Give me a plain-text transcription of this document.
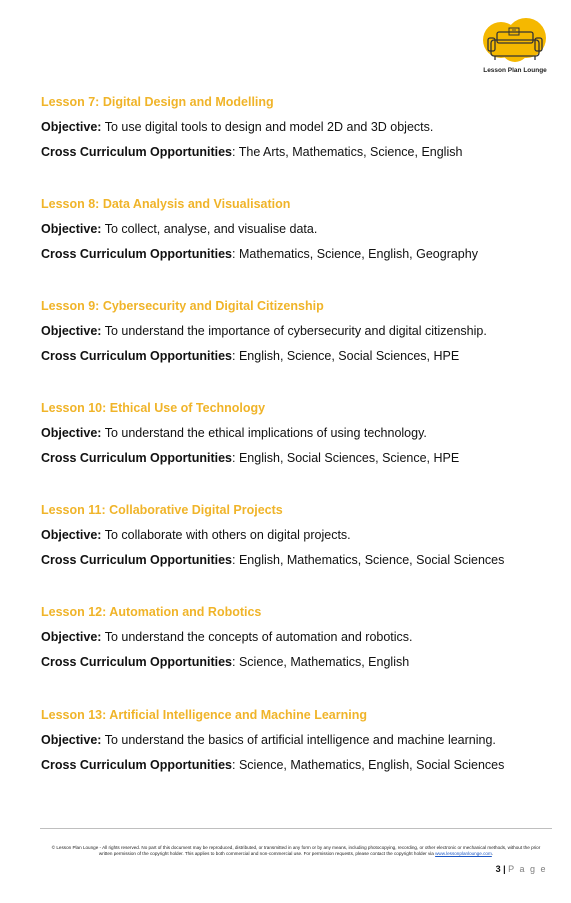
Lesson Plan Lounge

Lesson 7: Digital Design and Modelling

Objective: To use digital tools to design and model 2D and 3D objects.
Cross Curriculum Opportunities: The Arts, Mathematics, Science, English

Lesson 8: Data Analysis and Visualisation

Objective: To collect, analyse, and visualise data.
Cross Curriculum Opportunities: Mathematics, Science, English, Geography

Lesson 9: Cybersecurity and Digital Citizenship

Objective: To understand the importance of cybersecurity and digital citizenship.
Cross Curriculum Opportunities: English, Science, Social Sciences, HPE

Lesson 10: Ethical Use of Technology

Objective: To understand the ethical implications of using technology.
Cross Curriculum Opportunities: English, Social Sciences, Science, HPE

Lesson 11: Collaborative Digital Projects

Objective: To collaborate with others on digital projects.
Cross Curriculum Opportunities: English, Mathematics, Science, Social Sciences

Lesson 12: Automation and Robotics

Objective: To understand the concepts of automation and robotics.
Cross Curriculum Opportunities: Science, Mathematics, English

Lesson 13: Artificial Intelligence and Machine Learning

Objective: To understand the basics of artificial intelligence and machine learning.
Cross Curriculum Opportunities: Science, Mathematics, English, Social Sciences
© Lesson Plan Lounge - All rights reserved. No part of this document may be reproduced, distributed, or transmitted in any form or by any means, including photocopying, recording, or other electronic or mechanical methods, without the prior written permission of the copyright holder. This applies to both commercial and non-commercial use. For permission requests, please contact the copyright holder via www.lessonplanlounge.com.
3 | P a g e
